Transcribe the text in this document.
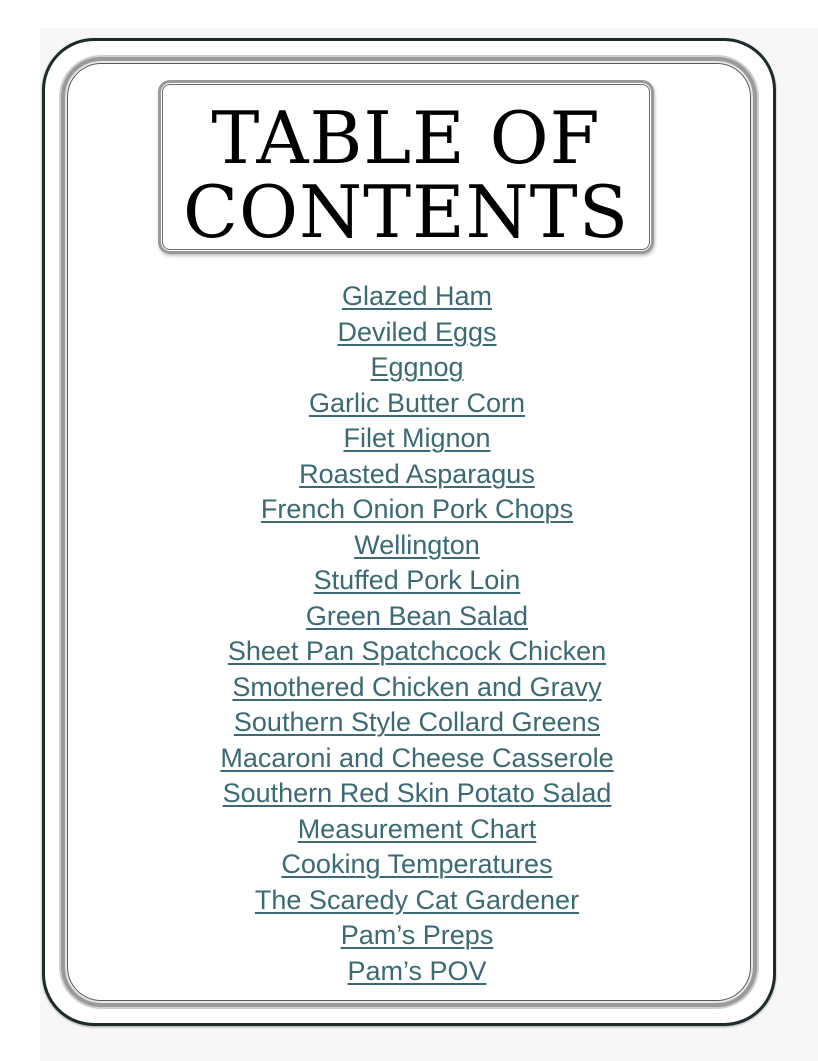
TABLE OF
CONTENTS
Glazed Ham
Deviled Eggs
Eggnog
Garlic Butter Corn
Filet Mignon
Roasted Asparagus
French Onion Pork Chops
Wellington
Stuffed Pork Loin
Green Bean Salad
Sheet Pan Spatchcock Chicken
Smothered Chicken and Gravy
Southern Style Collard Greens
Macaroni and Cheese Casserole
Southern Red Skin Potato Salad
Measurement Chart
Cooking Temperatures
The Scaredy Cat Gardener
Pam’s Preps
Pam’s POV
